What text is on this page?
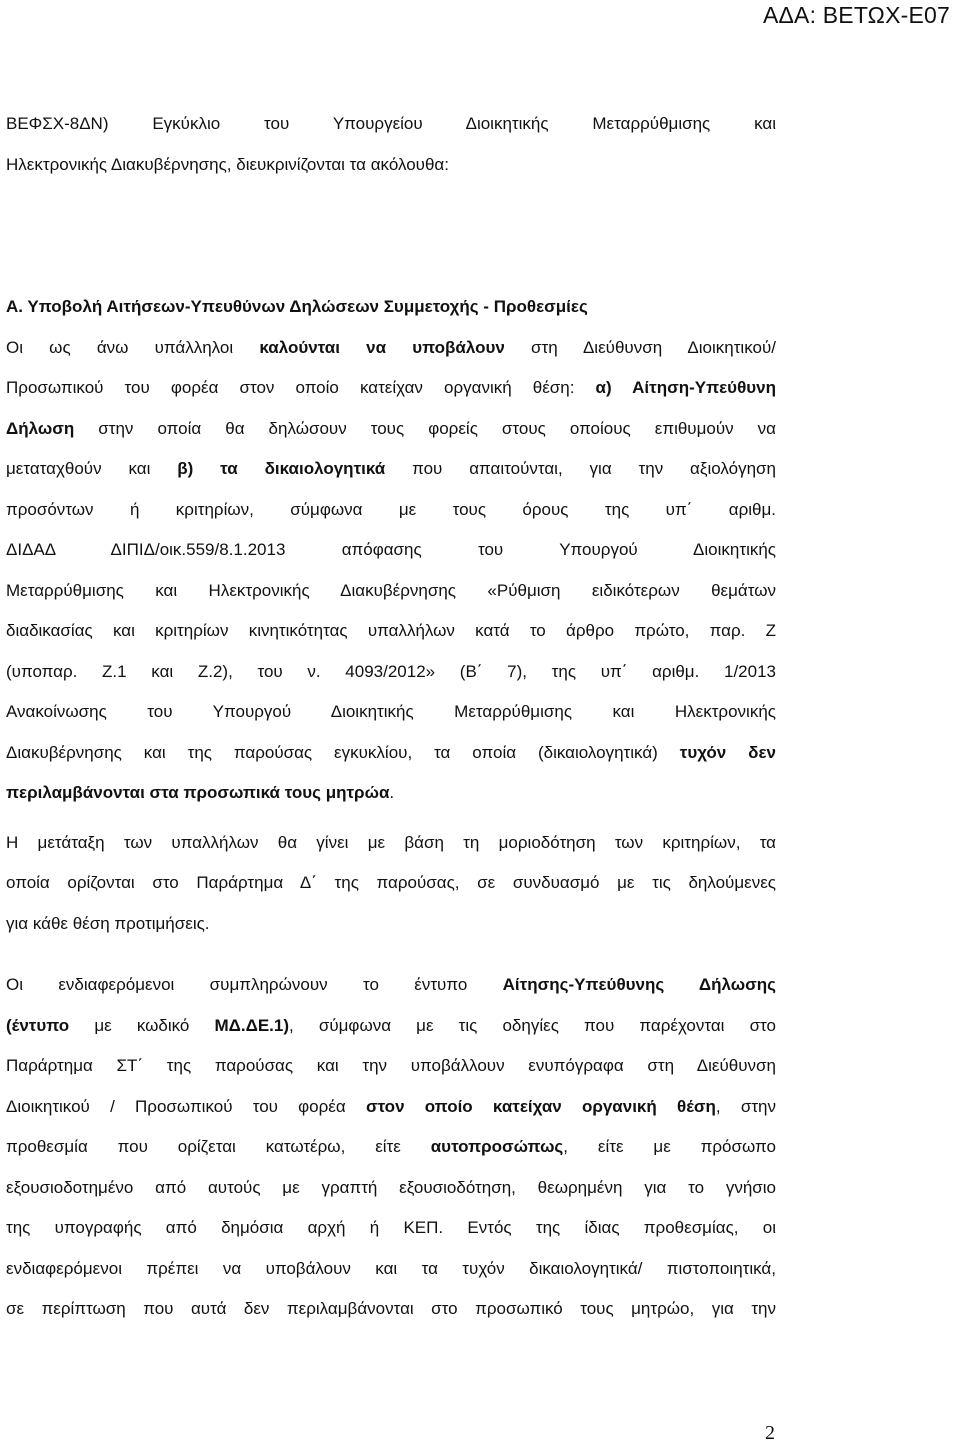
ΑΔΑ: ΒΕΤΩΧ-Ε07
ΒΕΦΣΧ-8ΔΝ) Εγκύκλιο του Υπουργείου Διοικητικής Μεταρρύθμισης και
Ηλεκτρονικής Διακυβέρνησης, διευκρινίζονται τα ακόλουθα:
Α. Υποβολή Αιτήσεων-Υπευθύνων Δηλώσεων Συμμετοχής - Προθεσμίες
Οι ως άνω υπάλληλοι καλούνται να υποβάλουν στη Διεύθυνση Διοικητικού/
Προσωπικού του φορέα στον οποίο κατείχαν οργανική θέση: α) Αίτηση-Υπεύθυνη
Δήλωση στην οποία θα δηλώσουν τους φορείς στους οποίους επιθυμούν να
μεταταχθούν και β) τα δικαιολογητικά που απαιτούνται, για την αξιολόγηση
προσόντων ή κριτηρίων, σύμφωνα με τους όρους της υπ΄ αριθμ.
ΔΙΔΑΔ ΔΙΠΙΔ/οικ.559/8.1.2013 απόφασης του Υπουργού Διοικητικής
Μεταρρύθμισης και Ηλεκτρονικής Διακυβέρνησης «Ρύθμιση ειδικότερων θεμάτων
διαδικασίας και κριτηρίων κινητικότητας υπαλλήλων κατά το άρθρο πρώτο, παρ. Ζ
(υποπαρ. Ζ.1 και Ζ.2), του ν. 4093/2012» (Β΄ 7), της υπ΄ αριθμ. 1/2013
Ανακοίνωσης του Υπουργού Διοικητικής Μεταρρύθμισης και Ηλεκτρονικής
Διακυβέρνησης και της παρούσας εγκυκλίου, τα οποία (δικαιολογητικά) τυχόν δεν
περιλαμβάνονται στα προσωπικά τους μητρώα.
Η μετάταξη των υπαλλήλων θα γίνει με βάση τη μοριοδότηση των κριτηρίων, τα
οποία ορίζονται στο Παράρτημα Δ΄ της παρούσας, σε συνδυασμό με τις δηλούμενες
για κάθε θέση προτιμήσεις.
Οι ενδιαφερόμενοι συμπληρώνουν το έντυπο Αίτησης-Υπεύθυνης Δήλωσης
(έντυπο με κωδικό ΜΔ.ΔΕ.1), σύμφωνα με τις οδηγίες που παρέχονται στο
Παράρτημα ΣΤ΄ της παρούσας και την υποβάλλουν ενυπόγραφα στη Διεύθυνση
Διοικητικού / Προσωπικού του φορέα στον οποίο κατείχαν οργανική θέση, στην
προθεσμία που ορίζεται κατωτέρω, είτε αυτοπροσώπως, είτε με πρόσωπο
εξουσιοδοτημένο από αυτούς με γραπτή εξουσιοδότηση, θεωρημένη για το γνήσιο
της υπογραφής από δημόσια αρχή ή ΚΕΠ. Εντός της ίδιας προθεσμίας, οι
ενδιαφερόμενοι πρέπει να υποβάλουν και τα τυχόν δικαιολογητικά/ πιστοποιητικά,
σε περίπτωση που αυτά δεν περιλαμβάνονται στο προσωπικό τους μητρώο, για την
2
